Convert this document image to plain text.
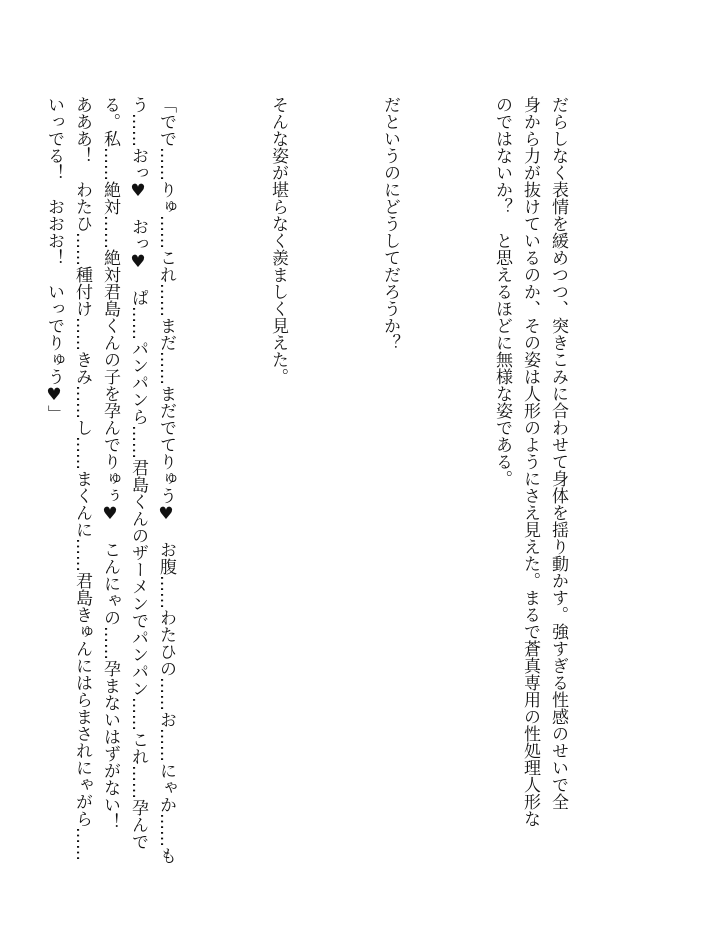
だらしなく表情を緩めつつ、突きこみに合わせて身体を揺り動かす。強すぎる性感のせいで全
身から力が抜けているのか、その姿は人形のようにさえ見えた。まるで蒼真専用の性処理人形な
のではないか？　と思えるほどに無様な姿である。

だというのにどうしてだろうか？

そんな姿が堪らなく羨ましく見えた。

「でで……りゅ……これ……まだ……まだでてりゅう♥　お腹……わたひの……お……にゃか……も
う……おっ♥　おっ♥　ぱ……パンパンら……君島くんのザーメンでパンパン……これ……孕んで
る。私……絶対……絶対君島くんの子を孕んでりゅぅ♥　こんにゃの……孕まないはずがない！
あああ！　わたひ……種付け……きみ……し……まくんに……君島きゅんにはらまされにゃがら……
いっでる！　おおお！　いっでりゅう♥」
